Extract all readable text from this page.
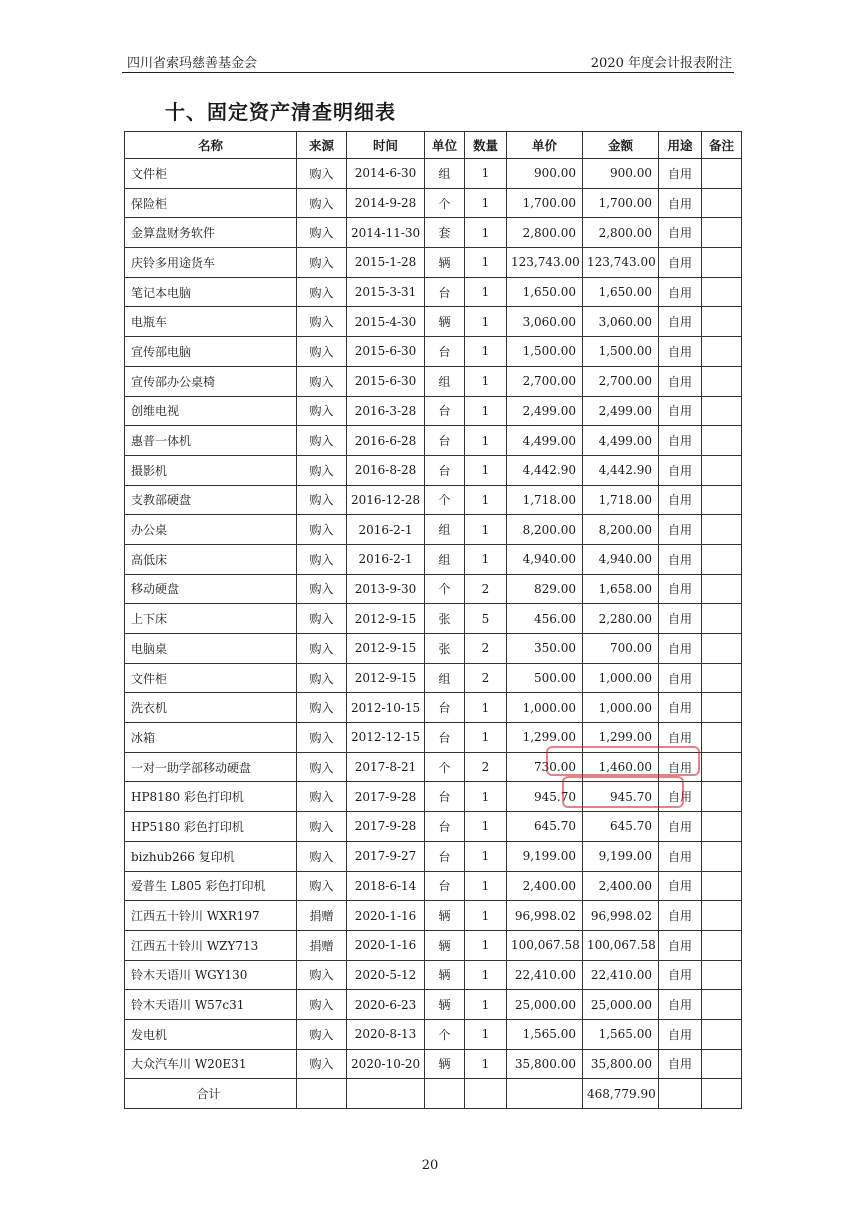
四川省索玛慈善基金会	2020 年度会计报表附注
十、固定资产清查明细表
名称	来源	时间	单位	数量	单价	金额	用途	备注
文件柜	购入	2014-6-30	组	1	900.00	900.00	自用	
保险柜	购入	2014-9-28	个	1	1,700.00	1,700.00	自用	
金算盘财务软件	购入	2014-11-30	套	1	2,800.00	2,800.00	自用	
庆铃多用途货车	购入	2015-1-28	辆	1	123,743.00	123,743.00	自用	
笔记本电脑	购入	2015-3-31	台	1	1,650.00	1,650.00	自用	
电瓶车	购入	2015-4-30	辆	1	3,060.00	3,060.00	自用	
宣传部电脑	购入	2015-6-30	台	1	1,500.00	1,500.00	自用	
宣传部办公桌椅	购入	2015-6-30	组	1	2,700.00	2,700.00	自用	
创维电视	购入	2016-3-28	台	1	2,499.00	2,499.00	自用	
惠普一体机	购入	2016-6-28	台	1	4,499.00	4,499.00	自用	
摄影机	购入	2016-8-28	台	1	4,442.90	4,442.90	自用	
支教部硬盘	购入	2016-12-28	个	1	1,718.00	1,718.00	自用	
办公桌	购入	2016-2-1	组	1	8,200.00	8,200.00	自用	
高低床	购入	2016-2-1	组	1	4,940.00	4,940.00	自用	
移动硬盘	购入	2013-9-30	个	2	829.00	1,658.00	自用	
上下床	购入	2012-9-15	张	5	456.00	2,280.00	自用	
电脑桌	购入	2012-9-15	张	2	350.00	700.00	自用	
文件柜	购入	2012-9-15	组	2	500.00	1,000.00	自用	
洗衣机	购入	2012-10-15	台	1	1,000.00	1,000.00	自用	
冰箱	购入	2012-12-15	台	1	1,299.00	1,299.00	自用	
一对一助学部移动硬盘	购入	2017-8-21	个	2	730.00	1,460.00	自用	
HP8180 彩色打印机	购入	2017-9-28	台	1	945.70	945.70	自用	
HP5180 彩色打印机	购入	2017-9-28	台	1	645.70	645.70	自用	
bizhub266 复印机	购入	2017-9-27	台	1	9,199.00	9,199.00	自用	
爱普生 L805 彩色打印机	购入	2018-6-14	台	1	2,400.00	2,400.00	自用	
江西五十铃川 WXR197	捐赠	2020-1-16	辆	1	96,998.02	96,998.02	自用	
江西五十铃川 WZY713	捐赠	2020-1-16	辆	1	100,067.58	100,067.58	自用	
铃木天语川 WGY130	购入	2020-5-12	辆	1	22,410.00	22,410.00	自用	
铃木天语川 W57c31	购入	2020-6-23	辆	1	25,000.00	25,000.00	自用	
发电机	购入	2020-8-13	个	1	1,565.00	1,565.00	自用	
大众汽车川 W20E31	购入	2020-10-20	辆	1	35,800.00	35,800.00	自用	
合计						468,779.90		
20
